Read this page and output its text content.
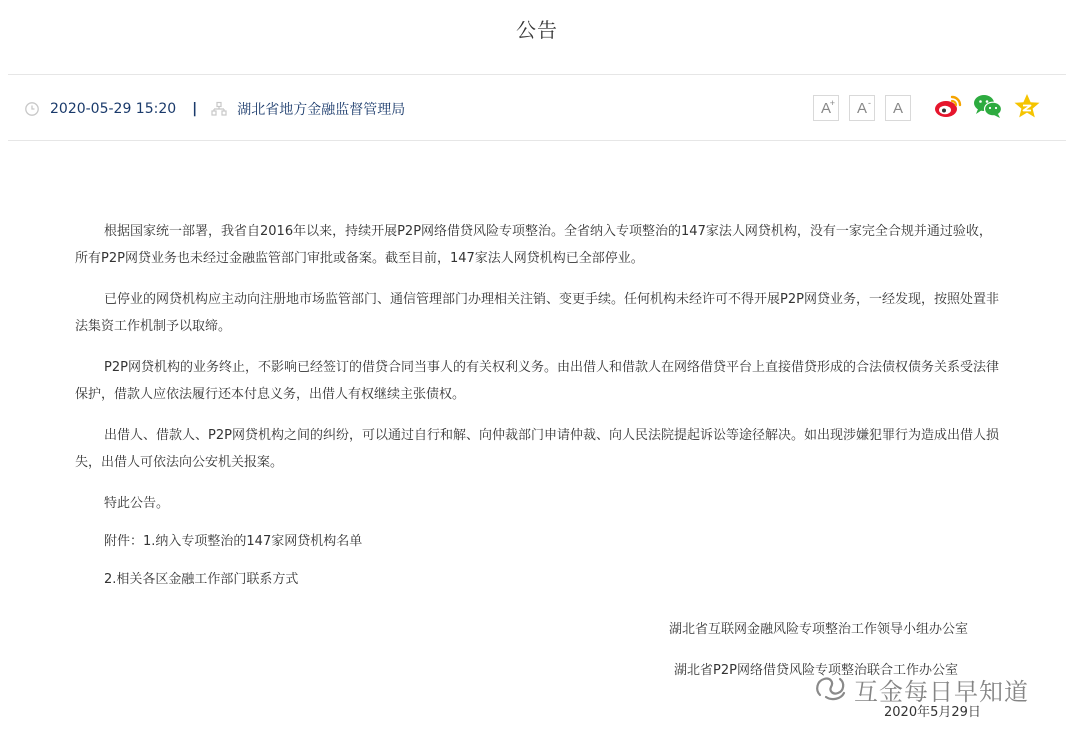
公告
2020-05-29 15:20 |	湖北省地方金融监督管理局	A
+ A- A

根据国家统一部署，我省自2016年以来，持续开展P2P网络借贷风险专项整治。全省纳入专项整治的147家法人网贷机构，没有一家完全合规并通过验收，所有P2P网贷业务也未经过金融监管部门审批或备案。截至目前，147家法人网贷机构已全部停业。

已停业的网贷机构应主动向注册地市场监管部门、通信管理部门办理相关注销、变更手续。任何机构未经许可不得开展P2P网贷业务，一经发现，按照处置非法集资工作机制予以取缔。

P2P网贷机构的业务终止，不影响已经签订的借贷合同当事人的有关权利义务。由出借人和借款人在网络借贷平台上直接借贷形成的合法债权债务关系受法律保护，借款人应依法履行还本付息义务，出借人有权继续主张债权。

出借人、借款人、P2P网贷机构之间的纠纷，可以通过自行和解、向仲裁部门申请仲裁、向人民法院提起诉讼等途径解决。如出现涉嫌犯罪行为造成出借人损失，出借人可依法向公安机关报案。

特此公告。

附件：1.纳入专项整治的147家网贷机构名单

2.相关各区金融工作部门联系方式

湖北省互联网金融风险专项整治工作领导小组办公室
湖北省P2P网络借贷风险专项整治联合工作办公室
互金每日早知道
2020年5月29日
